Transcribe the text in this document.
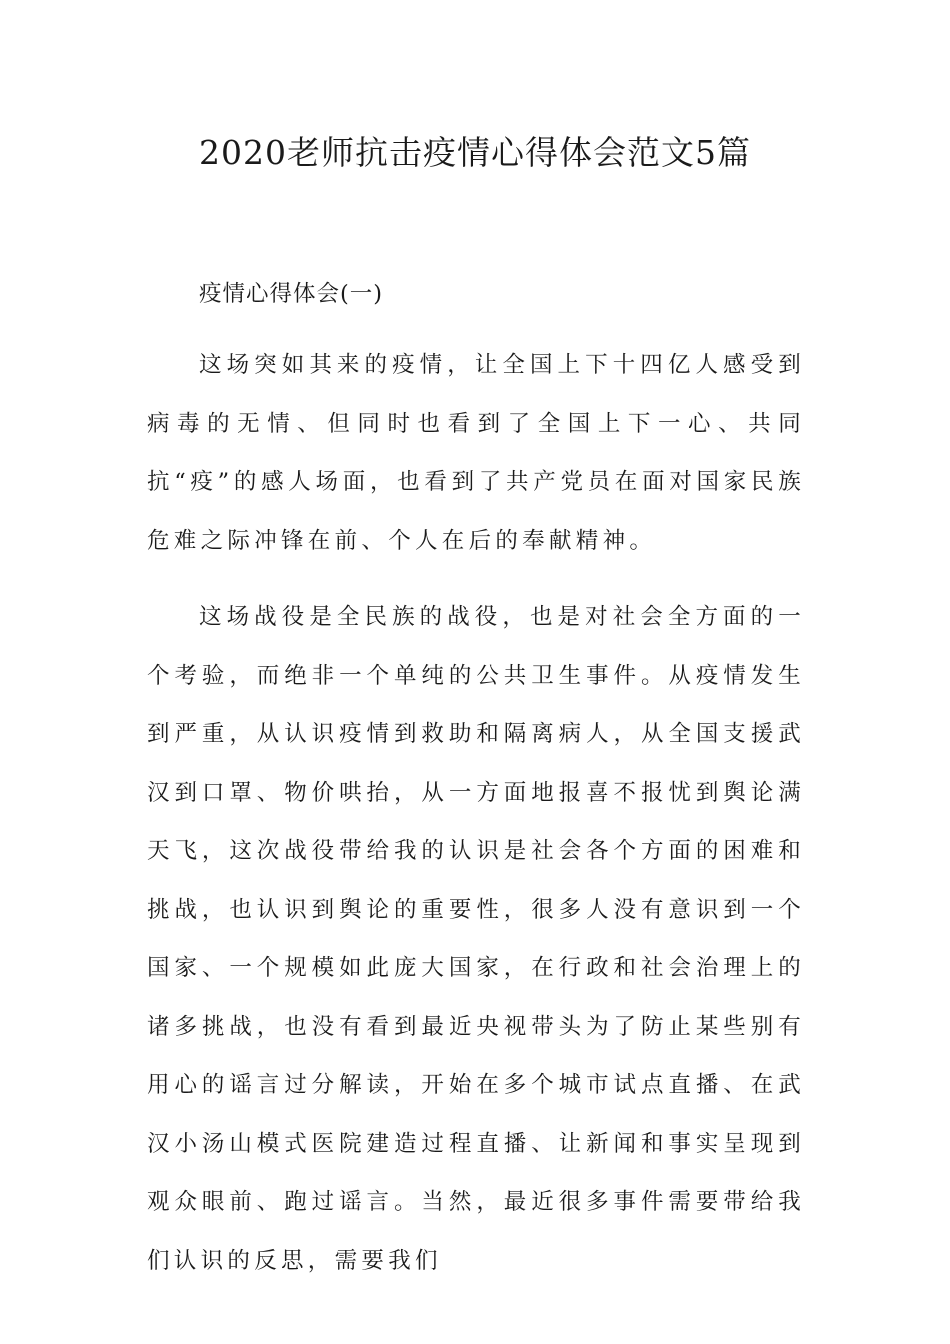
2020老师抗击疫情心得体会范文5篇
疫情心得体会(一)

这场突如其来的疫情，让全国上下十四亿人感受到病毒的无情、但同时也看到了全国上下一心、共同抗“疫”的感人场面，也看到了共产党员在面对国家民族危难之际冲锋在前、个人在后的奉献精神。

这场战役是全民族的战役，也是对社会全方面的一个考验，而绝非一个单纯的公共卫生事件。从疫情发生到严重，从认识疫情到救助和隔离病人，从全国支援武汉到口罩、物价哄抬，从一方面地报喜不报忧到舆论满天飞，这次战役带给我的认识是社会各个方面的困难和挑战，也认识到舆论的重要性，很多人没有意识到一个国家、一个规模如此庞大国家，在行政和社会治理上的诸多挑战，也没有看到最近央视带头为了防止某些别有用心的谣言过分解读，开始在多个城市试点直播、在武汉小汤山模式医院建造过程直播、让新闻和事实呈现到观众眼前、跑过谣言。当然，最近很多事件需要带给我们认识的反思，需要我们
